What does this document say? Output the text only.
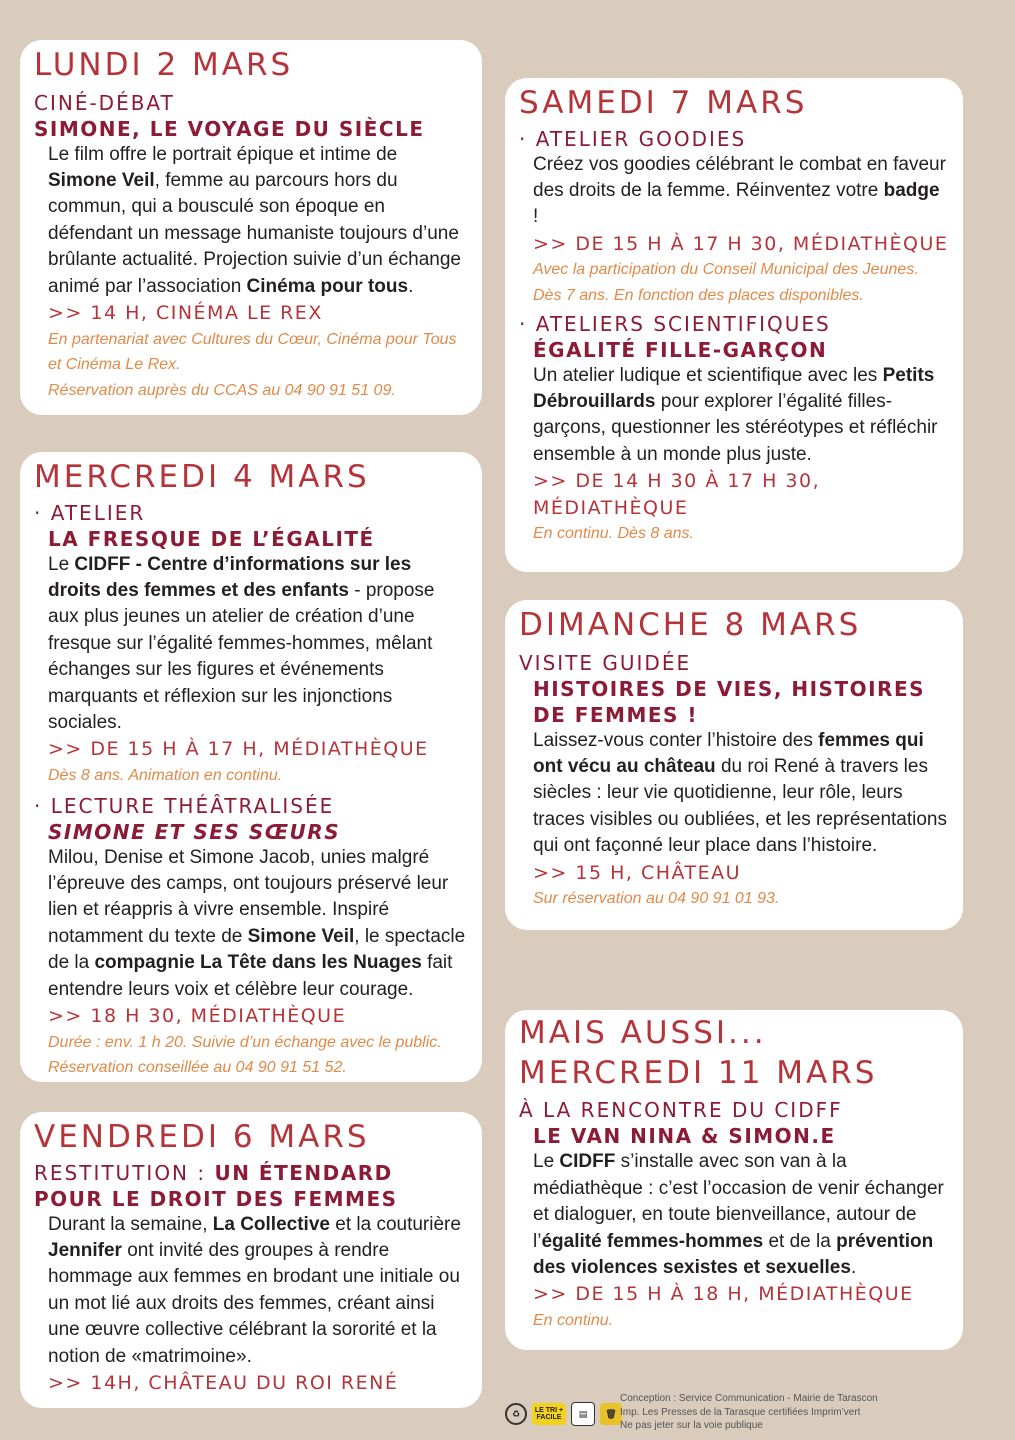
LUNDI 2 MARS
CINÉ-DÉBAT
SIMONE, LE VOYAGE DU SIÈCLE
Le film offre le portrait épique et intime de Simone Veil, femme au parcours hors du commun, qui a bousculé son époque en défendant un message humaniste toujours d’une brûlante actualité. Projection suivie d’un échange animé par l’association Cinéma pour tous.
>> 14 H, CINÉMA LE REX
En partenariat avec Cultures du Cœur, Cinéma pour Tous et Cinéma Le Rex.
Réservation auprès du CCAS au 04 90 91 51 09.
MERCREDI 4 MARS
· ATELIER
LA FRESQUE DE L’ÉGALITÉ
Le CIDFF - Centre d’informations sur les droits des femmes et des enfants - propose aux plus jeunes un atelier de création d’une fresque sur l’égalité femmes-hommes, mêlant échanges sur les figures et événements marquants et réflexion sur les injonctions sociales.
>> DE 15 H À 17 H, MÉDIATHÈQUE
Dès 8 ans. Animation en continu.
· LECTURE THÉÂTRALISÉE
SIMONE ET SES SŒURS
Milou, Denise et Simone Jacob, unies malgré l’épreuve des camps, ont toujours préservé leur lien et réappris à vivre ensemble. Inspiré notamment du texte de Simone Veil, le spectacle de la compagnie La Tête dans les Nuages fait entendre leurs voix et célèbre leur courage.
>> 18 H 30, MÉDIATHÈQUE
Durée : env. 1 h 20. Suivie d’un échange avec le public.
Réservation conseillée au 04 90 91 51 52.
VENDREDI 6 MARS
RESTITUTION : UN ÉTENDARD POUR LE DROIT DES FEMMES
Durant la semaine, La Collective et la couturière Jennifer ont invité des groupes à rendre hommage aux femmes en brodant une initiale ou un mot lié aux droits des femmes, créant ainsi une œuvre collective célébrant la sororité et la notion de «matrimoine».
>> 14H, CHÂTEAU DU ROI RENÉ
SAMEDI 7 MARS
· ATELIER GOODIES
Créez vos goodies célébrant le combat en faveur des droits de la femme. Réinventez votre badge !
>> DE 15 H À 17 H 30, MÉDIATHÈQUE
Avec la participation du Conseil Municipal des Jeunes. Dès 7 ans. En fonction des places disponibles.
· ATELIERS SCIENTIFIQUES
ÉGALITÉ FILLE-GARÇON
Un atelier ludique et scientifique avec les Petits Débrouillards pour explorer l’égalité filles-garçons, questionner les stéréotypes et réfléchir ensemble à un monde plus juste.
>> DE 14 H 30 À 17 H 30, MÉDIATHÈQUE
En continu. Dès 8 ans.
DIMANCHE 8 MARS
VISITE GUIDÉE
HISTOIRES DE VIES, HISTOIRES DE FEMMES !
Laissez-vous conter l’histoire des femmes qui ont vécu au château du roi René à travers les siècles : leur vie quotidienne, leur rôle, leurs traces visibles ou oubliées, et les représentations qui ont façonné leur place dans l’histoire.
>> 15 H, CHÂTEAU
Sur réservation au 04 90 91 01 93.
MAIS AUSSI...
MERCREDI 11 MARS
À LA RENCONTRE DU CIDFF
LE VAN NINA & SIMON.E
Le CIDFF s’installe avec son van à la médiathèque : c’est l’occasion de venir échanger et dialoguer, en toute bienveillance, autour de l’égalité femmes-hommes et de la prévention des violences sexistes et sexuelles.
>> DE 15 H À 18 H, MÉDIATHÈQUE
En continu.
♻	LE TRI + FACILE	▤	🗑
Conception : Service Communication - Mairie de Tarascon
Imp. Les Presses de la Tarasque certifiées Imprim’vert
Ne pas jeter sur la voie publique
